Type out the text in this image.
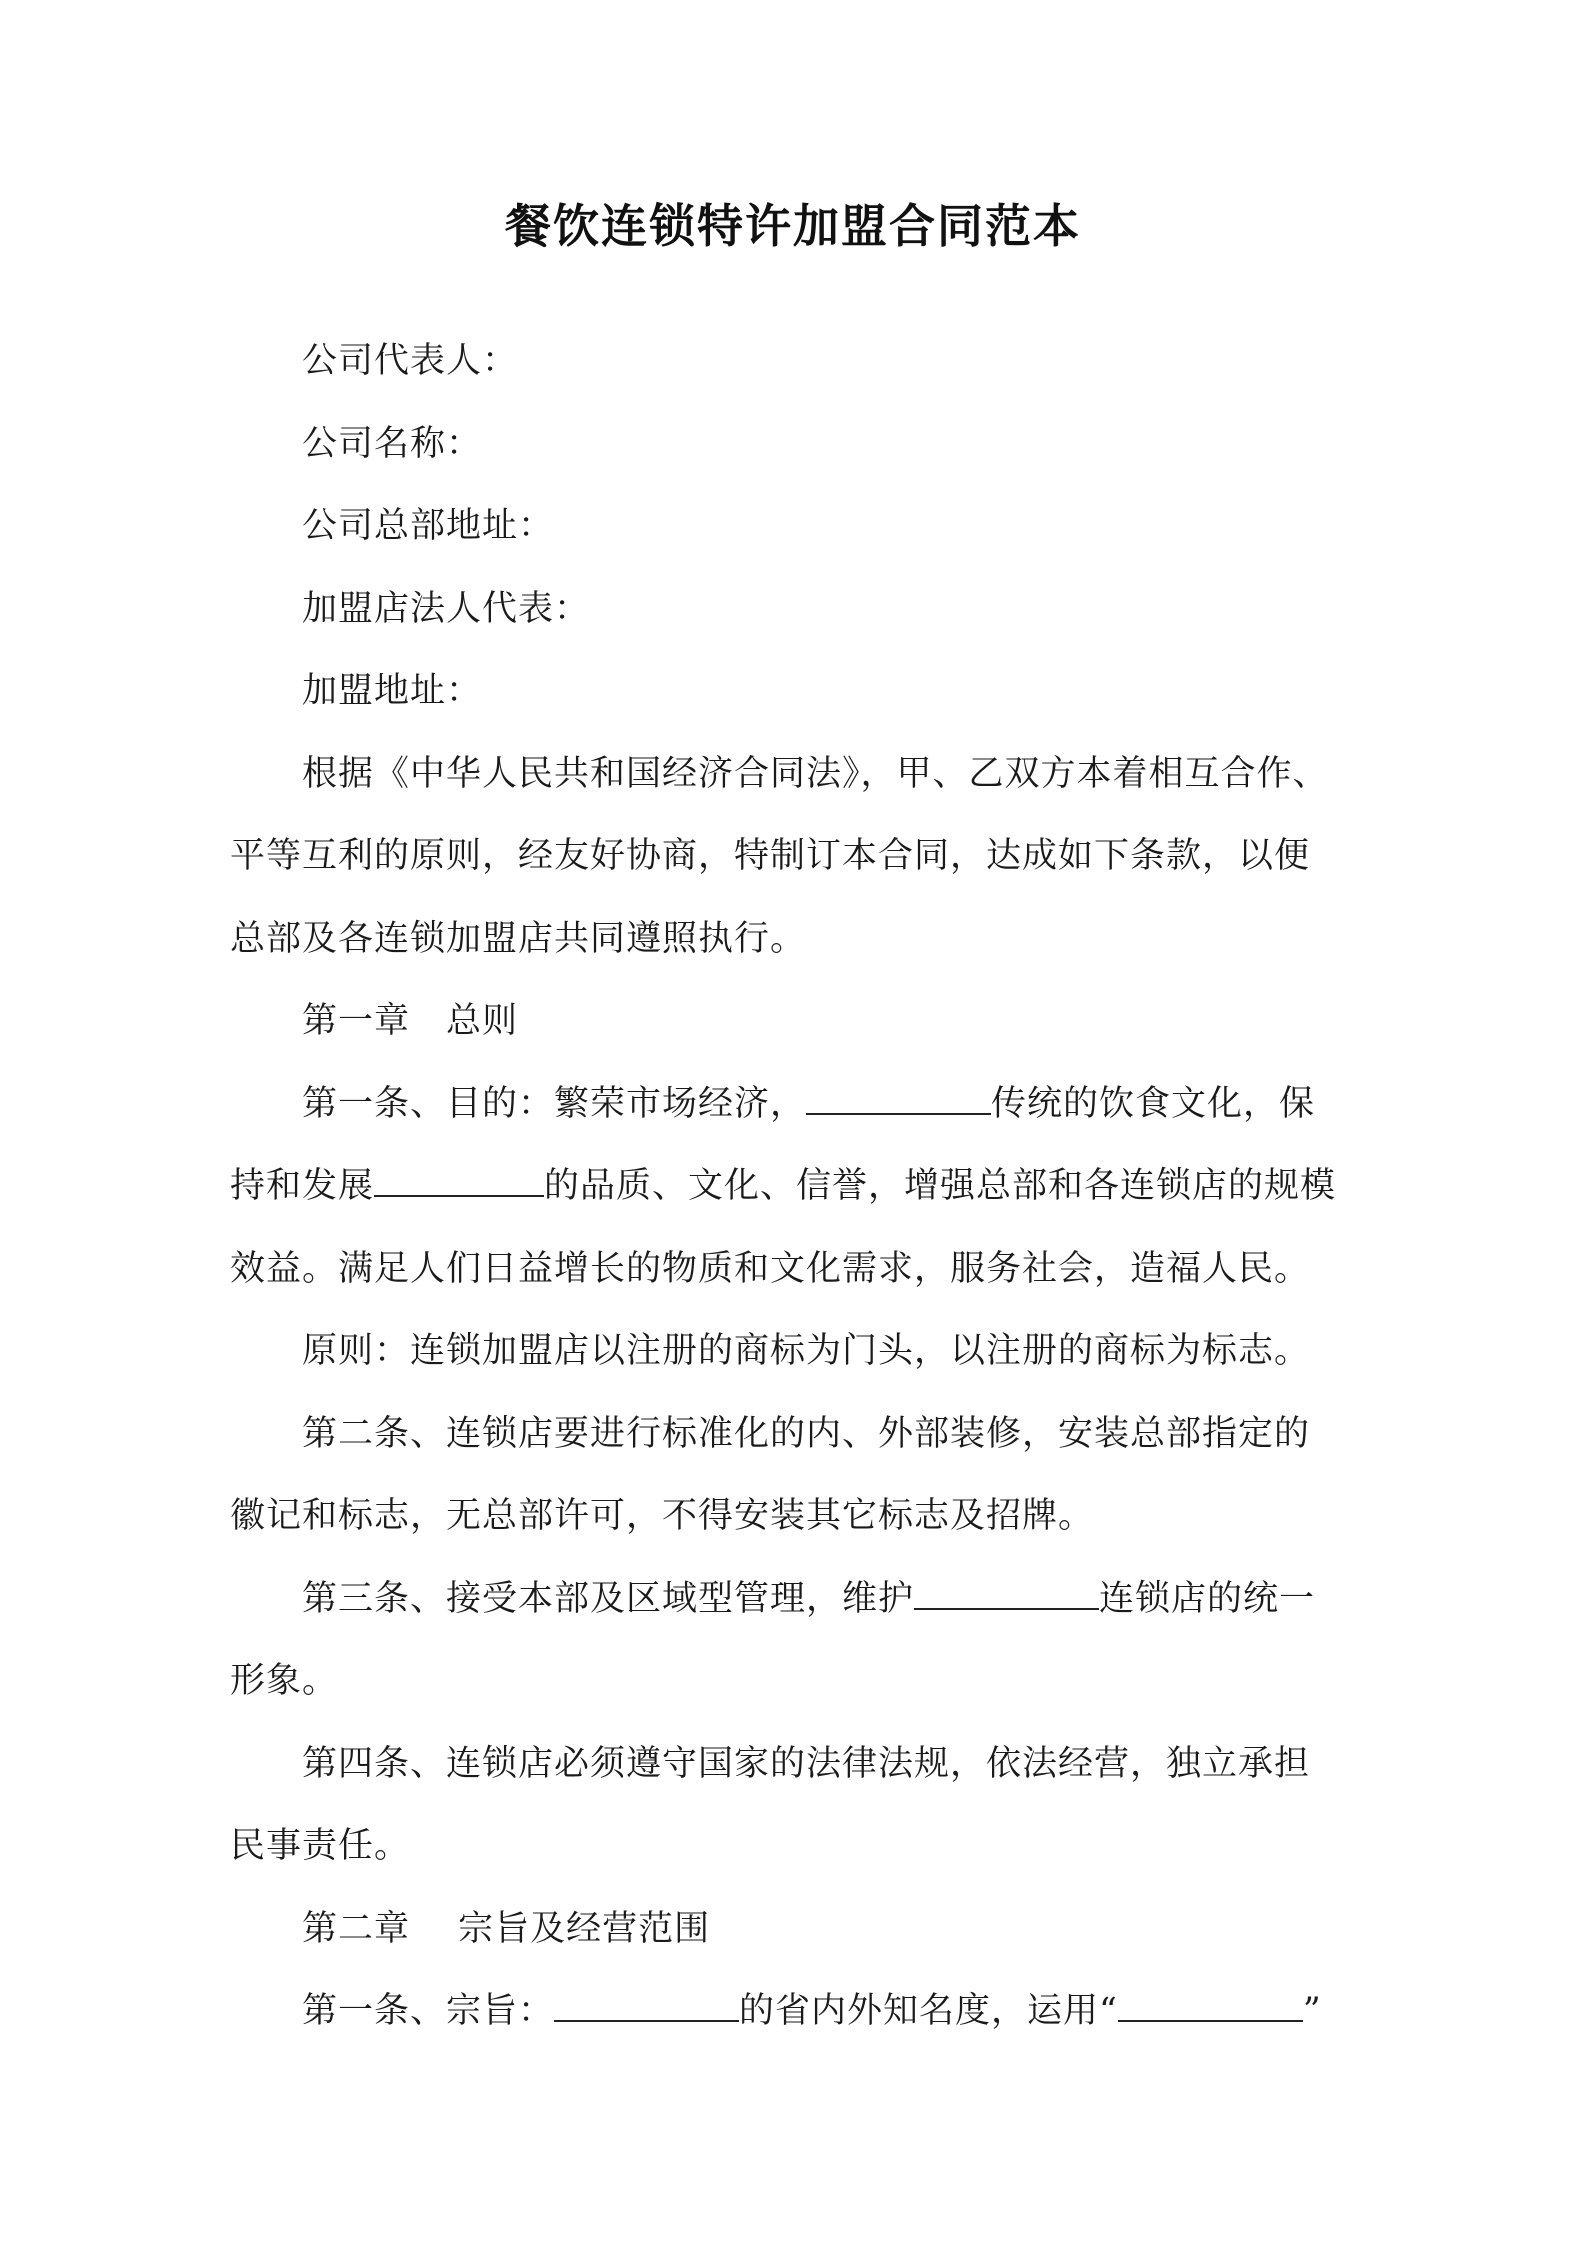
餐饮连锁特许加盟合同范本

公司代表人：

公司名称：

公司总部地址：

加盟店法人代表：

加盟地址：

根据《中华人民共和国经济合同法》，甲、乙双方本着相互合作、

平等互利的原则，经友好协商，特制订本合同，达成如下条款，以便

总部及各连锁加盟店共同遵照执行。

第一章　总则

第一条、目的：繁荣市场经济，	传统的饮食文化，保

持和发展	的品质、文化、信誉，增强总部和各连锁店的规模

效益。满足人们日益增长的物质和文化需求，服务社会，造福人民。

原则：连锁加盟店以注册的商标为门头，以注册的商标为标志。

第二条、连锁店要进行标准化的内、外部装修，安装总部指定的

徽记和标志，无总部许可，不得安装其它标志及招牌。

第三条、接受本部及区域型管理，维护	连锁店的统一

形象。

第四条、连锁店必须遵守国家的法律法规，依法经营，独立承担

民事责任。

第二章　 宗旨及经营范围

第一条、宗旨：	的省内外知名度，运用“	”
